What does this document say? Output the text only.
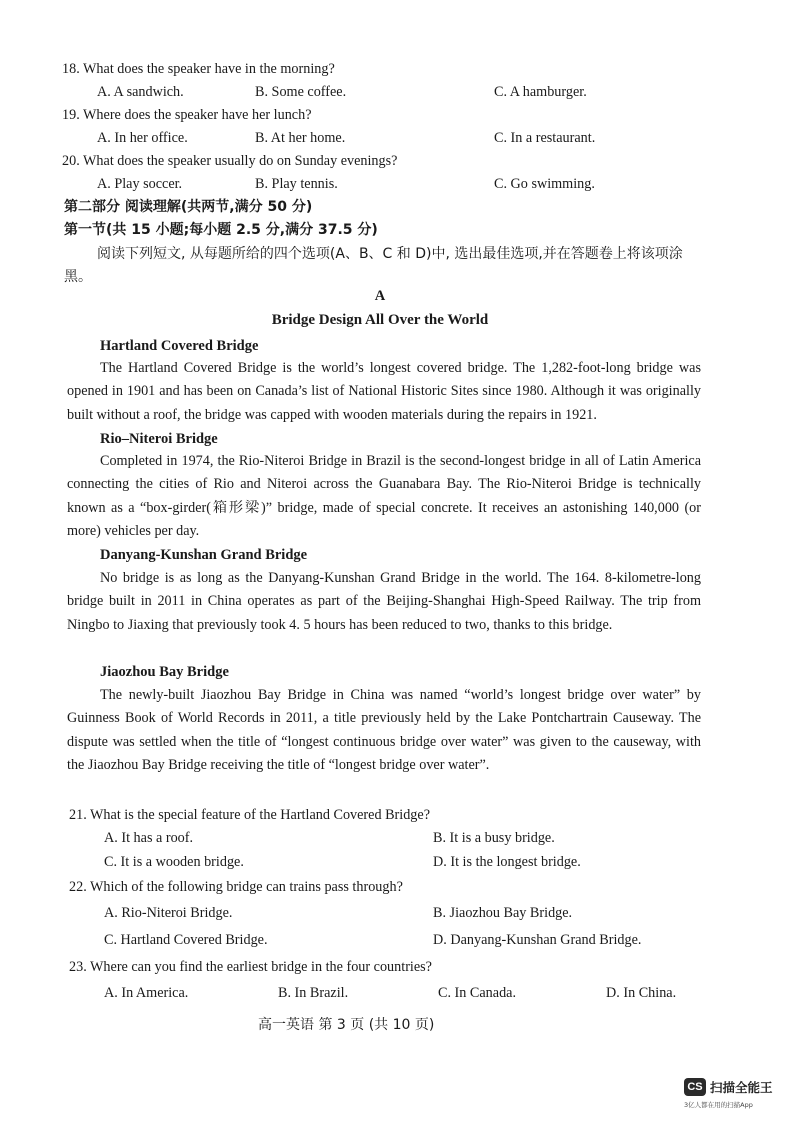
18. What does the speaker have in the morning?
A. A sandwich.	B. Some coffee.	C. A hamburger.
19. Where does the speaker have her lunch?
A. In her office.	B. At her home.	C. In a restaurant.
20. What does the speaker usually do on Sunday evenings?
A. Play soccer.	B. Play tennis.	C. Go swimming.
第二部分 阅读理解(共两节,满分 50 分)
第一节(共 15 小题;每小题 2.5 分,满分 37.5 分)
阅读下列短文, 从每题所给的四个选项(A、B、C 和 D)中, 选出最佳选项,并在答题卷上将该项涂黑。
A
Bridge Design All Over the World
Hartland Covered Bridge

The Hartland Covered Bridge is the world’s longest covered bridge. The 1,282-foot-long bridge was opened in 1901 and has been on Canada’s list of National Historic Sites since 1980. Although it was originally built without a roof, the bridge was capped with wooden materials during the repairs in 1921.

Rio–Niteroi Bridge

Completed in 1974, the Rio-Niteroi Bridge in Brazil is the second-longest bridge in all of Latin America connecting the cities of Rio and Niteroi across the Guanabara Bay. The Rio-Niteroi Bridge is technically known as a “box-girder(箱形梁)” bridge, made of special concrete. It receives an astonishing 140,000 (or more) vehicles per day.

Danyang-Kunshan Grand Bridge

No bridge is as long as the Danyang-Kunshan Grand Bridge in the world. The 164. 8-kilometre-long bridge built in 2011 in China operates as part of the Beijing-Shanghai High-Speed Railway. The trip from Ningbo to Jiaxing that previously took 4. 5 hours has been reduced to two, thanks to this bridge.

Jiaozhou Bay Bridge

The newly-built Jiaozhou Bay Bridge in China was named “world’s longest bridge over water” by Guinness Book of World Records in 2011, a title previously held by the Lake Pontchartrain Causeway. The dispute was settled when the title of “longest continuous bridge over water” was given to the causeway, with the Jiaozhou Bay Bridge receiving the title of “longest bridge over water”.

21. What is the special feature of the Hartland Covered Bridge?
A. It has a roof.	B. It is a busy bridge.
C. It is a wooden bridge.	D. It is the longest bridge.
22. Which of the following bridge can trains pass through?
A. Rio-Niteroi Bridge.	B. Jiaozhou Bay Bridge.
C. Hartland Covered Bridge.	D. Danyang-Kunshan Grand Bridge.
23. Where can you find the earliest bridge in the four countries?
A. In America.	B. In Brazil.	C. In Canada.	D. In China.
高一英语 第 3 页 (共 10 页)
CS 扫描全能王
3亿人都在用的扫描App
